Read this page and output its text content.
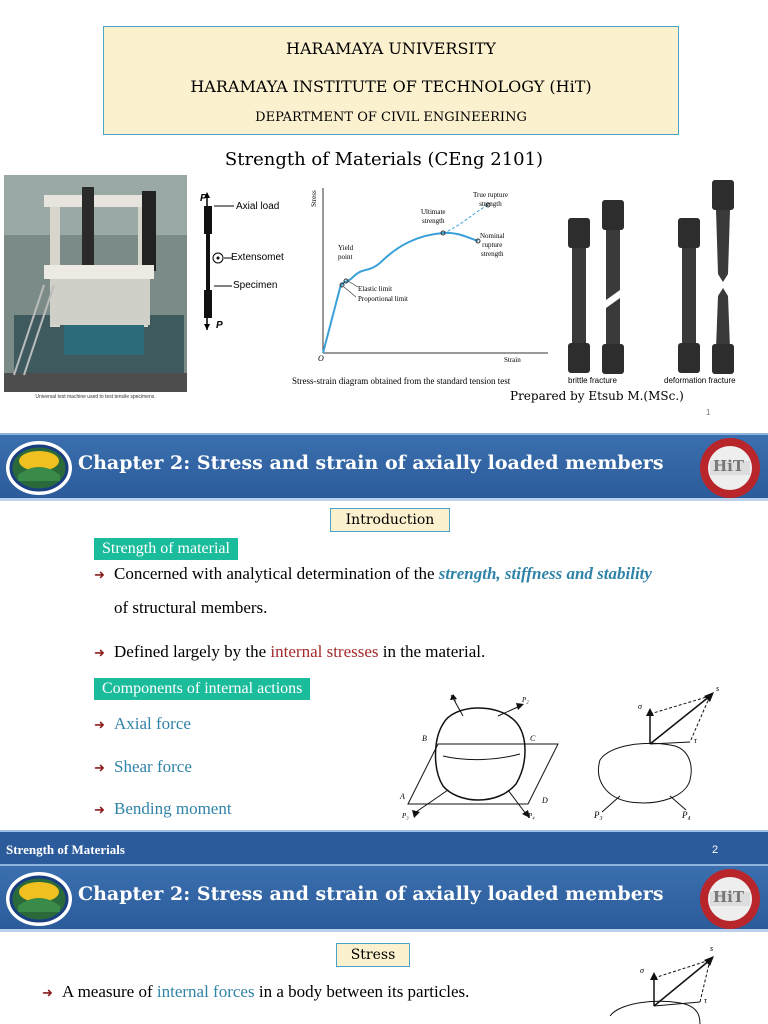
HARAMAYA UNIVERSITY
HARAMAYA INSTITUTE OF TECHNOLOGY (HiT)
DEPARTMENT OF CIVIL ENGINEERING
Strength of Materials (CEng 2101)
Universal test machine used to test tensile specimens.
P
Axial load
Extensomet
Specimen
P
Stress
Strain
O
True rupture
strength
Ultimate
strength
Yield
point
Nominal
rupture
strength
Elastic limit
Proportional limit
Stress-strain diagram obtained from the standard tension test	brittle fracture	deformation fracture
Prepared by Etsub M.(MSc.)
1
Chapter 2: Stress and strain of axially loaded members	HiT
Introduction
Strength of material
➜ Concerned with analytical determination of the strength, stiffness and stability
of structural members.
➜ Defined largely by the internal stresses in the material.
Components of internal actions
➜ Axial force
➜ Shear force
➜ Bending moment
P₁	P₂
P₃	P₄
A
B	C
D
s
σ
τ
P₃	P₄
Strength of Materials	2
Chapter 2: Stress and strain of axially loaded members	HiT
Stress
➜ A measure of internal forces in a body between its particles.
s
σ
τ
